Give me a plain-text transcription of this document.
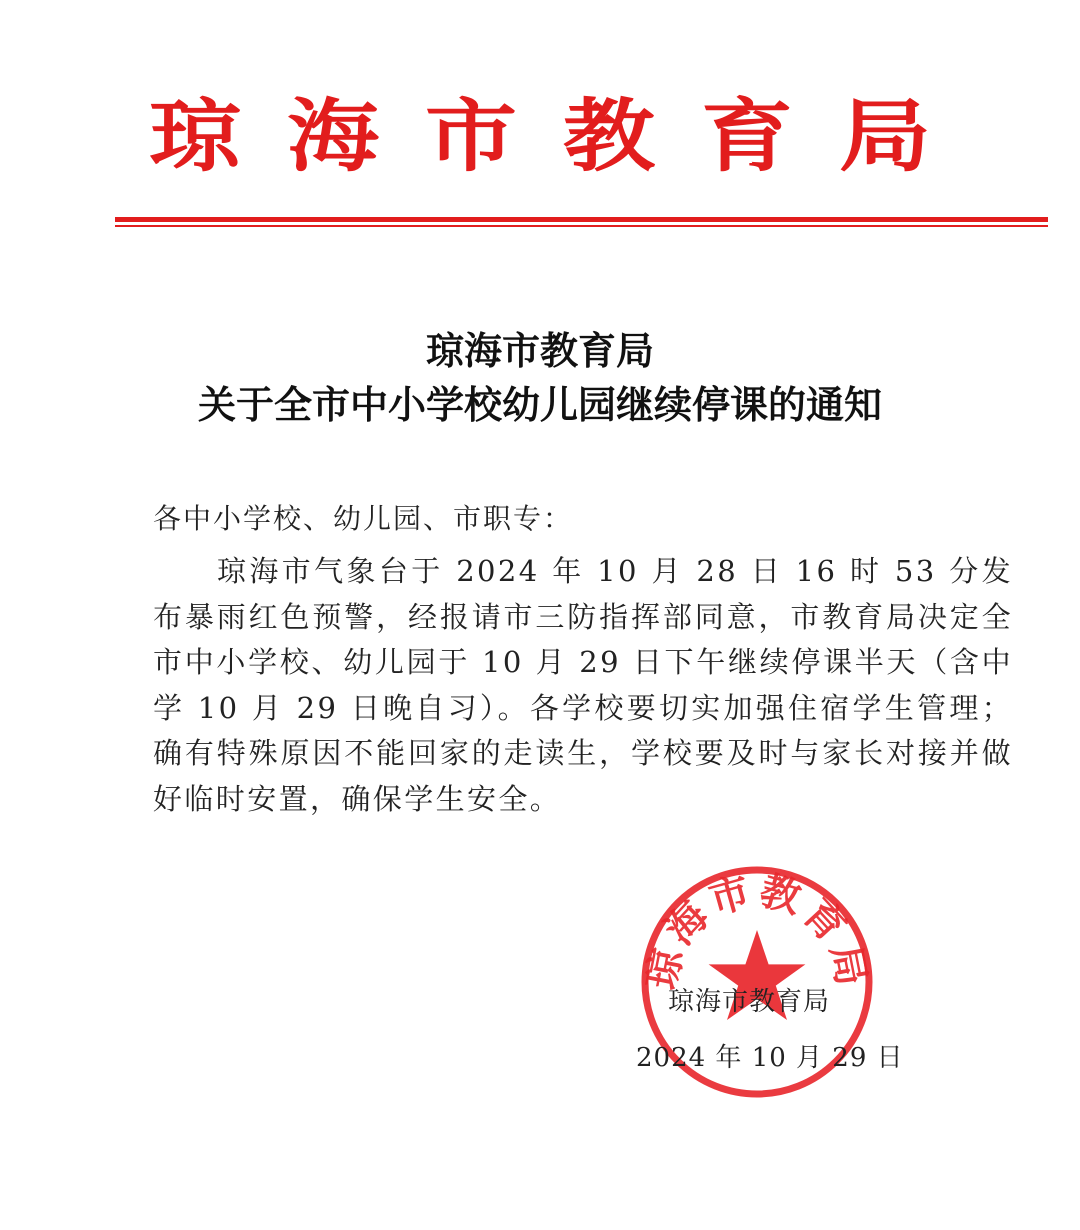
琼海市教育局
琼海市教育局
关于全市中小学校幼儿园继续停课的通知
各中小学校、幼儿园、市职专：
琼海市气象台于 2024 年 10 月 28 日 16 时 53 分发布暴雨红色预警，经报请市三防指挥部同意，市教育局决定全市中小学校、幼儿园于 10 月 29 日下午继续停课半天（含中学 10 月 29 日晚自习）。各学校要切实加强住宿学生管理；确有特殊原因不能回家的走读生，学校要及时与家长对接并做好临时安置，确保学生安全。
琼海市教育局
琼海市教育局
2024 年 10 月 29 日
